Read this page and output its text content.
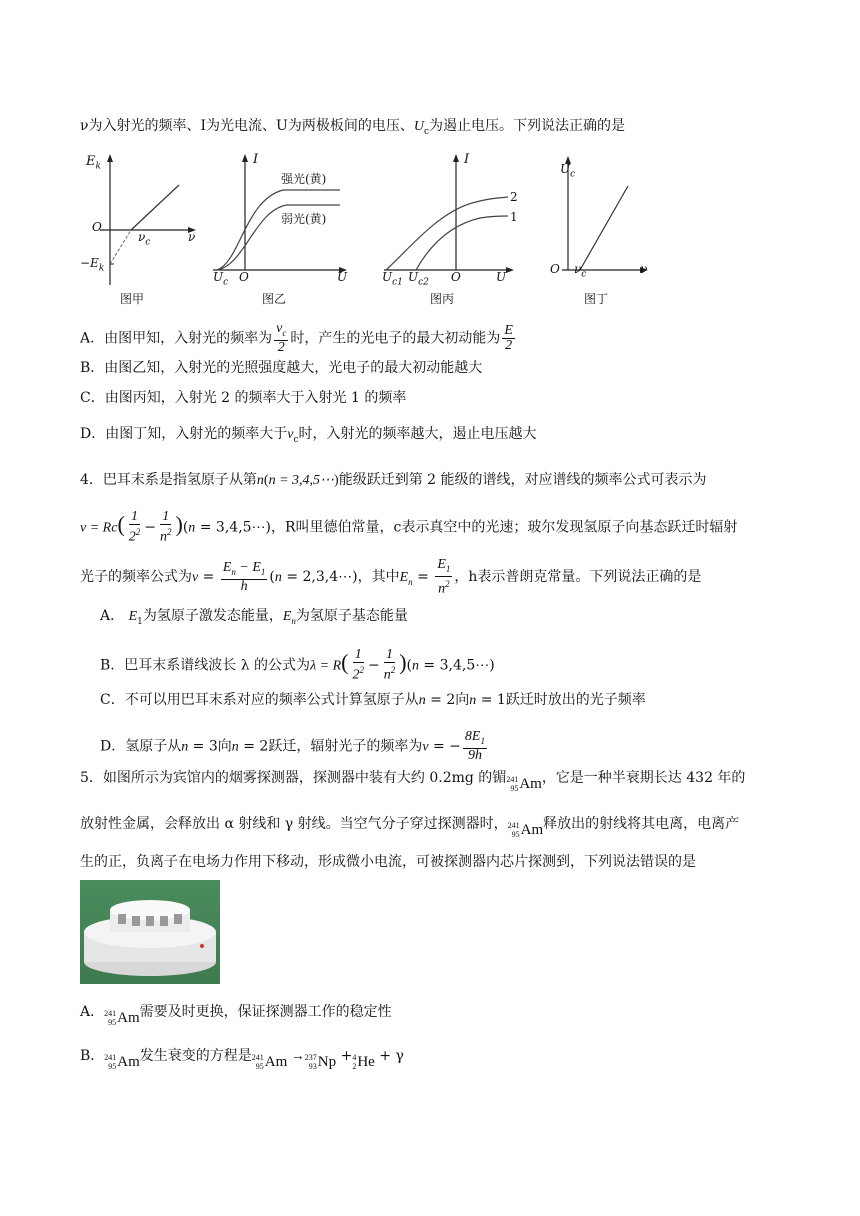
ν为入射光的频率、I为光电流、U为两极板间的电压、$U_c$为遏止电压。下列说法正确的是
$E_k$
O
$\nu_c$	ν
$-E_k$
图甲
I
强光(黄)
弱光(黄)
$U_c$ O	U
图乙
I
2
1
$U_{c1}$ $U_{c2}$ O	U
图丙
$U_c$
O $\nu_c$	ν
图丁
A．由图甲知，入射光的频率为 $\frac{\nu_c}{2}$ 时，产生的光电子的最大初动能为 $\frac{E}{2}$
B．由图乙知，入射光的光照强度越大，光电子的最大初动能越大
C．由图丙知，入射光 2 的频率大于入射光 1 的频率
D．由图丁知，入射光的频率大于$\nu_c$时，入射光的频率越大，遏止电压越大
4．巴耳末系是指氢原子从第n(n = 3,4,5⋯)能级跃迁到第 2 能级的谱线，对应谱线的频率公式可表示为
$\nu = Rc( \frac{1}{2^2} - \frac{1}{n^2} )(n$ = 3,4,5⋯)，R叫里德伯常量，c表示真空中的光速；玻尔发现氢原子向基态跃迁时辐射
光子的频率公式为$\nu = \frac{E_n - E_1}{h} (n$ = 2,3,4⋯)，其中$E_n = \frac{E_1}{n^2}$ ，h表示普朗克常量。下列说法正确的是
A． $E_1$为氢原子激发态能量，$E_n$为氢原子基态能量
B．巴耳末系谱线波长 λ 的公式为$\lambda = R( \frac{1}{2^2} - \frac{1}{n^2} )(n$ = 3,4,5⋯)
C．不可以用巴耳末系对应的频率公式计算氢原子从n = 2向n = 1跃迁时放出的光子频率
D．氢原子从n = 3向n = 2跃迁，辐射光子的频率为ν = − $\frac{8E_1}{9h}$
5．如图所示为宾馆内的烟雾探测器，探测器中装有大约 0.2mg 的镅 241
95 Am ，它是一种半衰期长达 432 年的
放射性金属，会释放出 α 射线和 γ 射线。当空气分子穿过探测器时， 241
95 Am 释放出的射线将其电离，电离产
生的正，负离子在电场力作用下移动，形成微小电流，可被探测器内芯片探测到，下列说法错误的是
A． 241
95 Am 需要及时更换，保证探测器工作的稳定性
B． 241
95 Am 发生衰变的方程是 241
95 Am → 237
93 Np + 4
2 He + γ
